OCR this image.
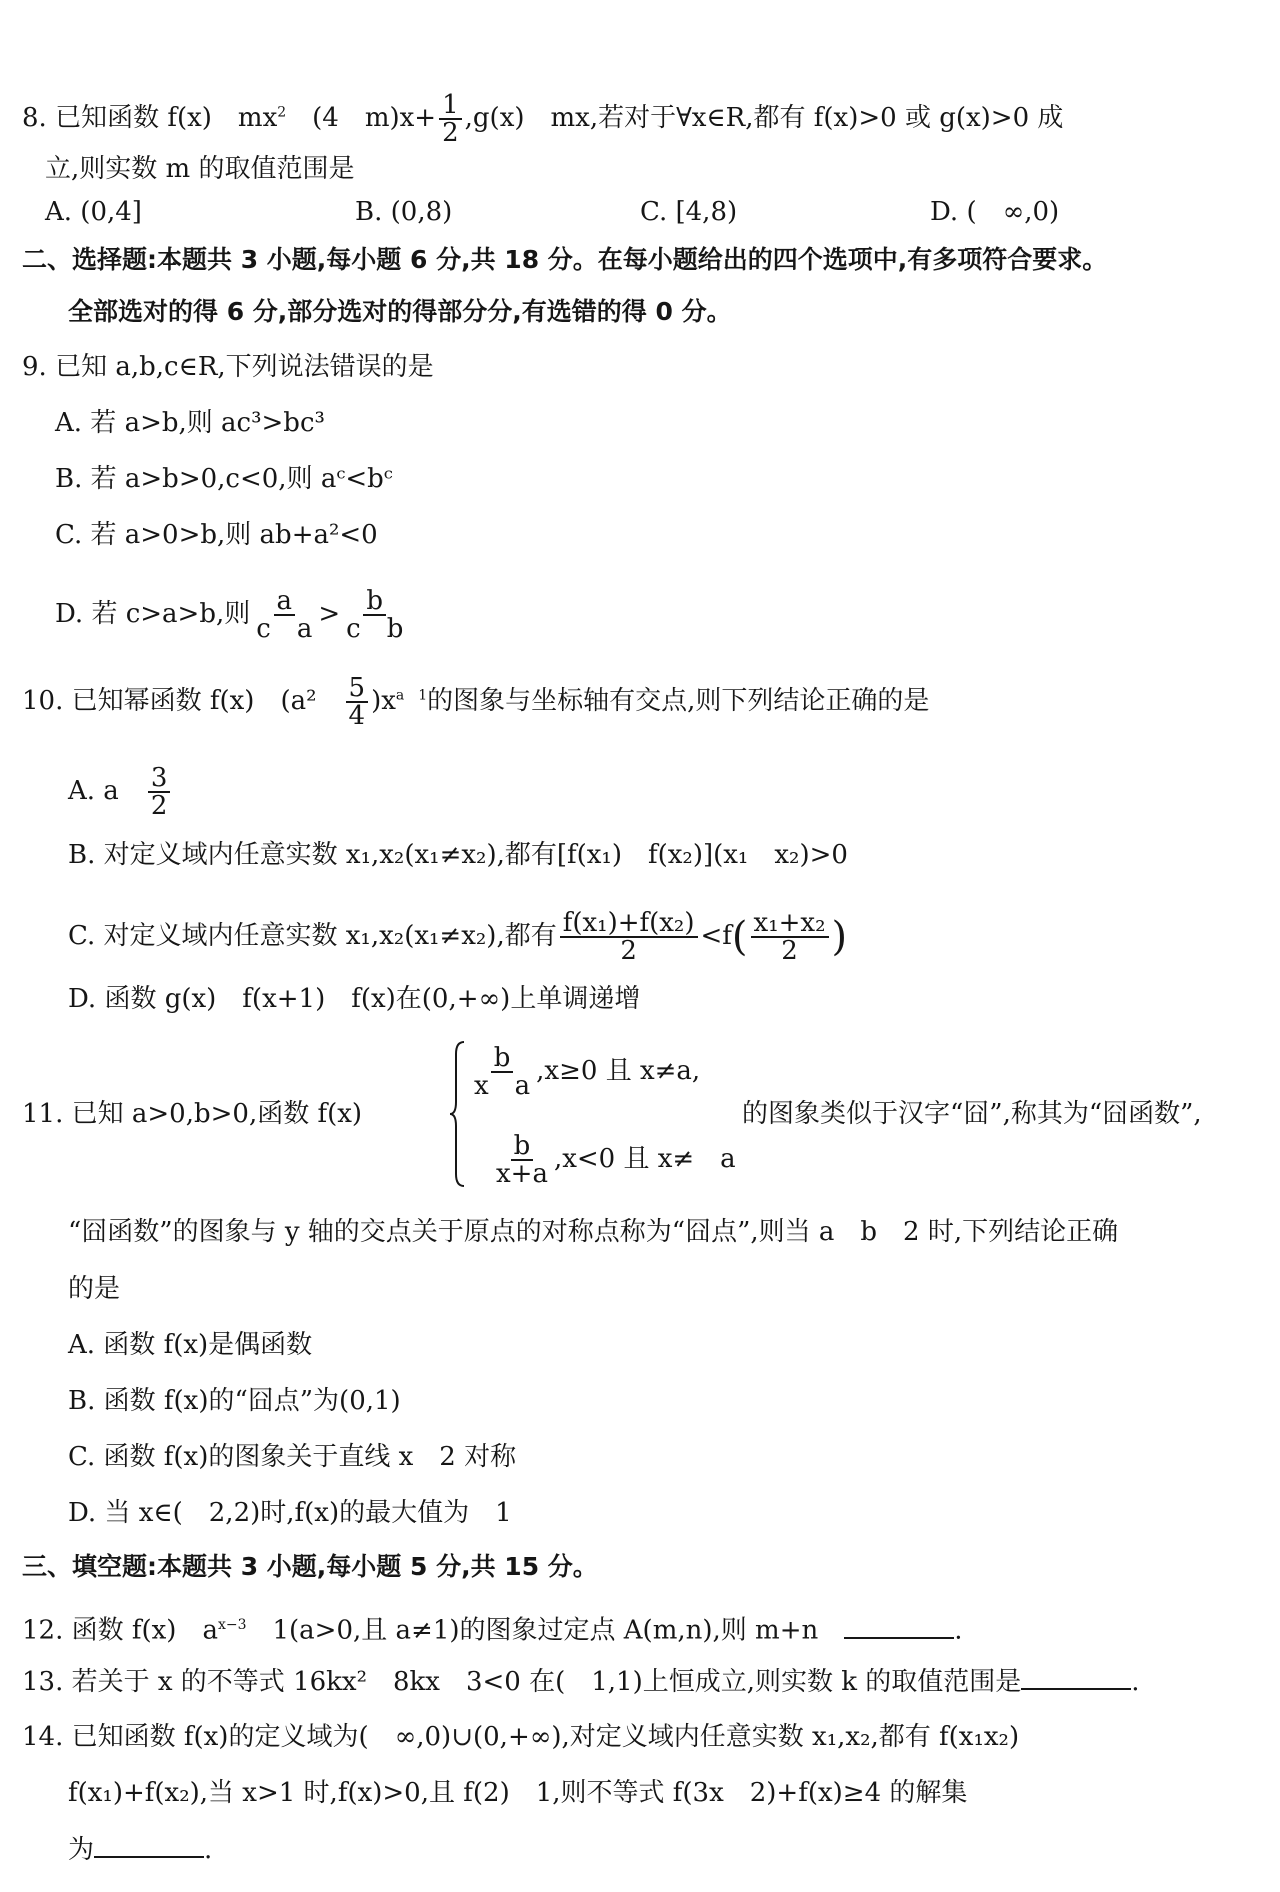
8. 已知函数 f(x)　$mx^2$　(4　$m)x+ \frac{1}{2} ,g(x)$　mx,若对于∀x∈R,都有 f(x)>0 或 g(x)>0 成
立,则实数 m 的取值范围是
A. (0,4]	B. (0,8)	C. [4,8)	D. (　∞,0)
二、选择题:本题共 3 小题,每小题 6 分,共 18 分。在每小题给出的四个选项中,有多项符合要求。
全部选对的得 6 分,部分选对的得部分分,有选错的得 0 分。
9. 已知 a,b,c∈R,下列说法错误的是
A. 若 a>b,则 ac³>bc³
B. 若 a>b>0,c<0,则 aᶜ<bᶜ
C. 若 a>0>b,则 ab+a²<0
D. 若 c>a>b,则 $\frac{a}{\text{c　a}} > \frac{b}{\text{c　b}}$
10. 已知幂函数 f(x)　(a²　 $\frac{5}{4} )x^{a 1}$的图象与坐标轴有交点,则下列结论正确的是
A. a　 $\frac{3}{2}$
B. 对定义域内任意实数 x₁,x₂(x₁≠x₂),都有[f(x₁)　f(x₂)](x₁　x₂)>0
C. 对定义域内任意实数 x₁,x₂(x₁≠x₂),都有 $\frac{\text{f(x₁)+f(x₂)}}{2} <f( \frac{\text{x₁+x₂}}{2}$ )
D. 函数 g(x)　f(x+1)　f(x)在(0,+∞)上单调递增
11. 已知 a>0,b>0,函数 f(x)
$\frac{b}{\text{x　a}} ,x\ge 0$ 且 x≠a,
$\frac{b}{x+a} ,x<0$ 且 x≠　a
的图象类似于汉字“囧”,称其为“囧函数”,
“囧函数”的图象与 y 轴的交点关于原点的对称点称为“囧点”,则当 a　b　2 时,下列结论正确
的是
A. 函数 f(x)是偶函数
B. 函数 f(x)的“囧点”为(0,1)
C. 函数 f(x)的图象关于直线 x　2 对称
D. 当 x∈(　2,2)时,f(x)的最大值为　1
三、填空题:本题共 3 小题,每小题 5 分,共 15 分。
12. 函数 f(x)　$a^{x-3}$　1(a>0,且 a≠1)的图象过定点 A(m,n),则 m+n　	.
13. 若关于 x 的不等式 16kx²　8kx　3<0 在(　1,1)上恒成立,则实数 k 的取值范围是	.
14. 已知函数 f(x)的定义域为(　∞,0)∪(0,+∞),对定义域内任意实数 x₁,x₂,都有 f(x₁x₂)
f(x₁)+f(x₂),当 x>1 时,f(x)>0,且 f(2)　1,则不等式 f(3x　2)+f(x)≥4 的解集
为	.
